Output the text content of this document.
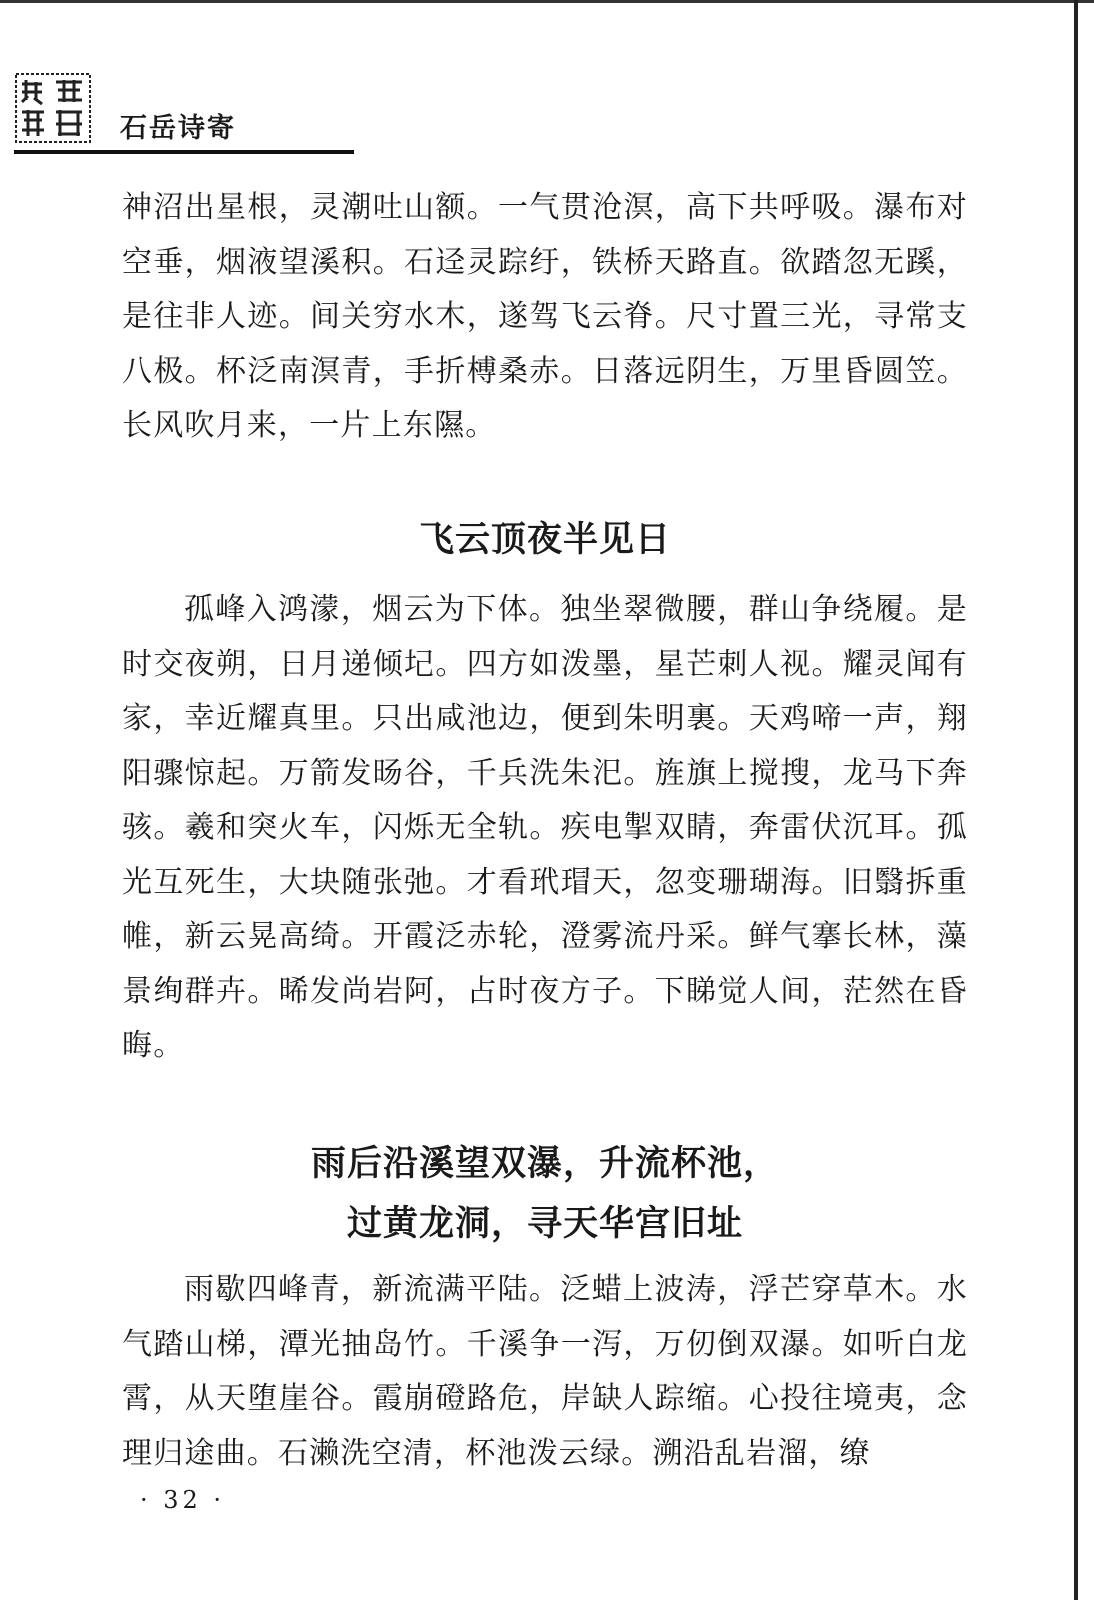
石岳诗寄

神沼出星根，灵潮吐山额。一气贯沧溟，高下共呼吸。瀑布对空垂，烟液望溪积。石迳灵踪纡，铁桥天路直。欲踏忽无蹊，是往非人迹。间关穷水木，遂驾飞云脊。尺寸置三光，寻常支八极。杯泛南溟青，手折榑桑赤。日落远阴生，万里昏圆笠。长风吹月来，一片上东隰。

飞云顶夜半见日

孤峰入鸿濛，烟云为下体。独坐翠微腰，群山争绕履。是时交夜朔，日月递倾圮。四方如泼墨，星芒刺人视。耀灵闻有家，幸近耀真里。只出咸池边，便到朱明裏。天鸡啼一声，翔阳骤惊起。万箭发旸谷，千兵洗朱汜。旌旗上搅搜，龙马下奔骇。羲和突火车，闪烁无全轨。疾电掣双睛，奔雷伏沉耳。孤光互死生，大块随张弛。才看玳瑁天，忽变珊瑚海。旧翳拆重帷，新云晃高绮。开霞泛赤轮，澄雾流丹采。鲜气搴长林，藻景绚群卉。晞发尚岩阿，占时夜方子。下睇觉人间，茫然在昏晦。

雨后沿溪望双瀑，升流杯池，
过黄龙洞，寻天华宫旧址

雨歇四峰青，新流满平陆。泛蜡上波涛，浮芒穿草木。水气踏山梯，潭光抽岛竹。千溪争一泻，万仞倒双瀑。如听白龙霄，从天堕崖谷。霞崩磴路危，岸缺人踪缩。心投往境夷，念理归途曲。石濑洗空清，杯池泼云绿。溯沿乱岩溜，缭

· 32 ·
